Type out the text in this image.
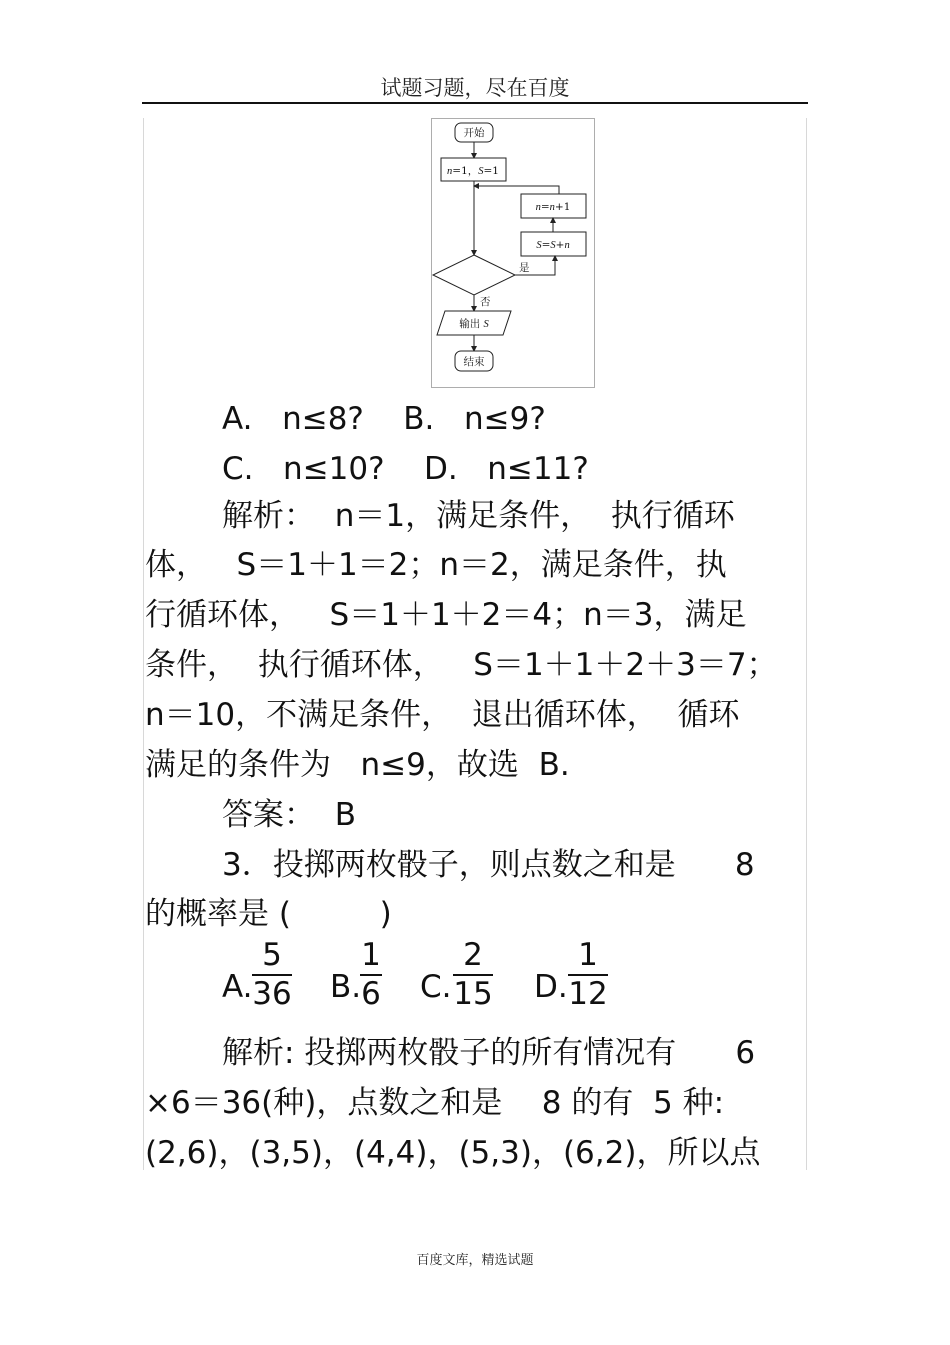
试题习题，尽在百度
开始
n=1，S=1
n=n+1
S=S+n
是
否
输出 S
结束
A.   n≤8?    B.   n≤9?
C.   n≤10?    D.   n≤11?
解析：  n＝1，满足条件，  执行循环
体，   S＝1＋1＝2；n＝2，满足条件，执
行循环体，   S＝1＋1＋2＝4；n＝3，满足
条件，  执行循环体，   S＝1＋1＋2＋3＝7；
n＝10，不满足条件，  退出循环体，  循环
满足的条件为   n≤9，故选  B.
答案：  B
3．投掷两枚骰子，则点数之和是      8
的概率是 (         )
A.
5
36 B.
1
6 C.
2
15 D.
1
12
解析: 投掷两枚骰子的所有情况有      6
×6＝36(种)，点数之和是    8 的有  5 种:
(2,6)，(3,5)，(4,4)，(5,3)，(6,2)，所以点
百度文库，精选试题
